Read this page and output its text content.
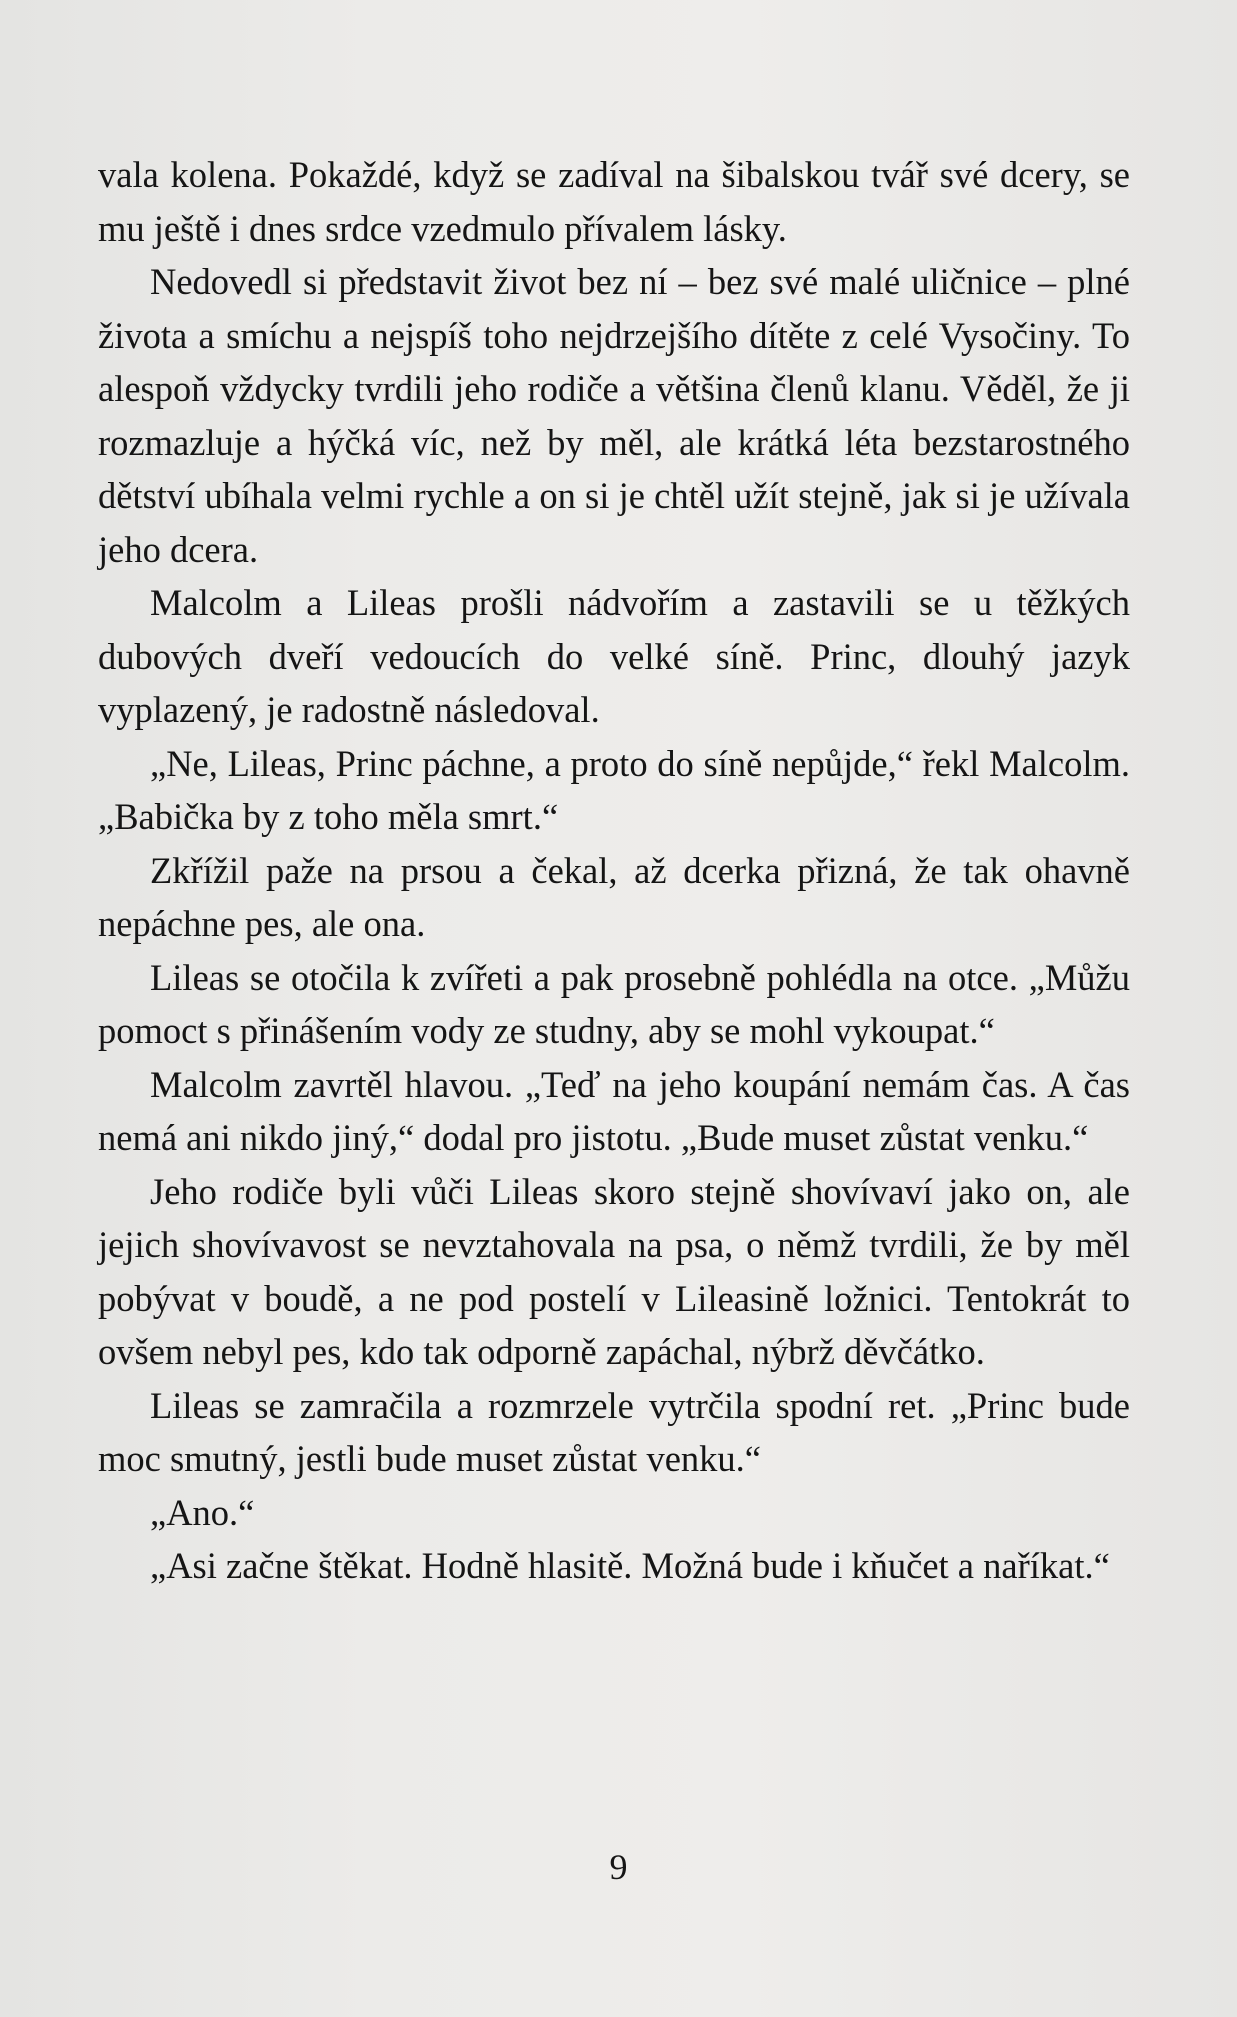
vala kolena. Pokaždé, když se zadíval na šibalskou tvář své dcery, se mu ještě i dnes srdce vzedmulo přívalem lásky.

Nedovedl si představit život bez ní – bez své malé uličnice – plné života a smíchu a nejspíš toho nejdrzejšího dítěte z celé Vysočiny. To alespoň vždycky tvrdili jeho rodiče a většina členů klanu. Věděl, že ji rozmazluje a hýčká víc, než by měl, ale krátká léta bezstarostného dětství ubíhala velmi rychle a on si je chtěl užít stejně, jak si je užívala jeho dcera.

Malcolm a Lileas prošli nádvořím a zastavili se u těžkých dubových dveří vedoucích do velké síně. Princ, dlouhý jazyk vyplazený, je radostně následoval.

„Ne, Lileas, Princ páchne, a proto do síně nepůjde,“ řekl Malcolm. „Babička by z toho měla smrt.“

Zkřížil paže na prsou a čekal, až dcerka přizná, že tak ohavně nepáchne pes, ale ona.

Lileas se otočila k zvířeti a pak prosebně pohlédla na otce. „Můžu pomoct s přinášením vody ze studny, aby se mohl vykoupat.“

Malcolm zavrtěl hlavou. „Teď na jeho koupání nemám čas. A čas nemá ani nikdo jiný,“ dodal pro jistotu. „Bude muset zůstat venku.“

Jeho rodiče byli vůči Lileas skoro stejně shovívaví jako on, ale jejich shovívavost se nevztahovala na psa, o němž tvrdili, že by měl pobývat v boudě, a ne pod postelí v Lileasině ložnici. Tentokrát to ovšem nebyl pes, kdo tak odporně zapáchal, nýbrž děvčátko.

Lileas se zamračila a rozmrzele vytrčila spodní ret. „Princ bude moc smutný, jestli bude muset zůstat venku.“

„Ano.“

„Asi začne štěkat. Hodně hlasitě. Možná bude i kňučet a naříkat.“

9
